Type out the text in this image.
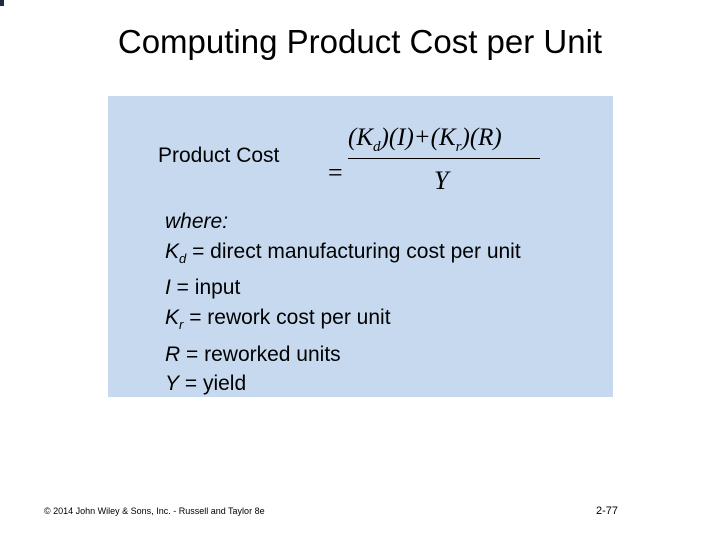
Computing Product Cost per Unit
Product Cost
=
$(K_d)(I)+(K_r)(R)$
Y
where:
$K_d$ = direct manufacturing cost per unit
I = input
$K_r$ = rework cost per unit
R = reworked units
Y = yield
© 2014 John Wiley & Sons, Inc. - Russell and Taylor 8e	2-77
